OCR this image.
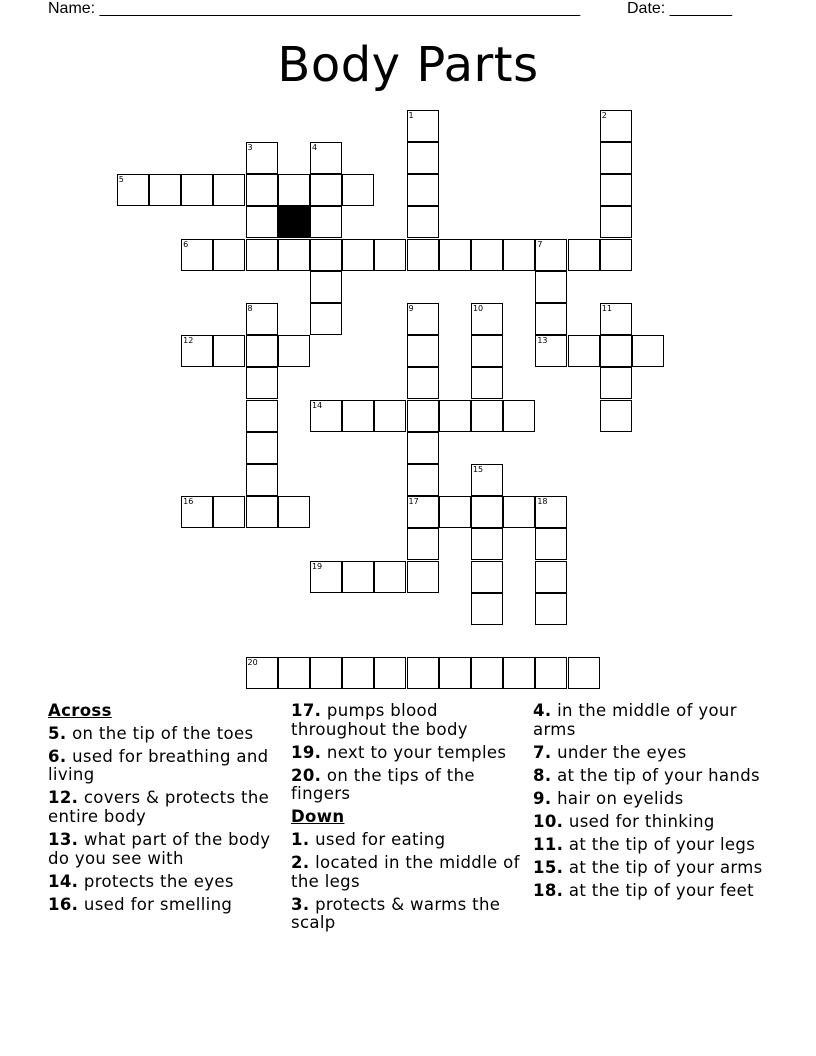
Name: ______________________________________________________	Date: _______
Body Parts
5
6	7
12	13
14
16	17	18
19
20
1	2
3	4
8	9	10	11
15
Across
5. on the tip of the toes
6. used for breathing and living
12. covers & protects the entire body
13. what part of the body do you see with
14. protects the eyes
16. used for smelling
17. pumps blood throughout the body
19. next to your temples
20. on the tips of the fingers
Down
1. used for eating
2. located in the middle of the legs
3. protects & warms the scalp
4. in the middle of your arms
7. under the eyes
8. at the tip of your hands
9. hair on eyelids
10. used for thinking
11. at the tip of your legs
15. at the tip of your arms
18. at the tip of your feet
